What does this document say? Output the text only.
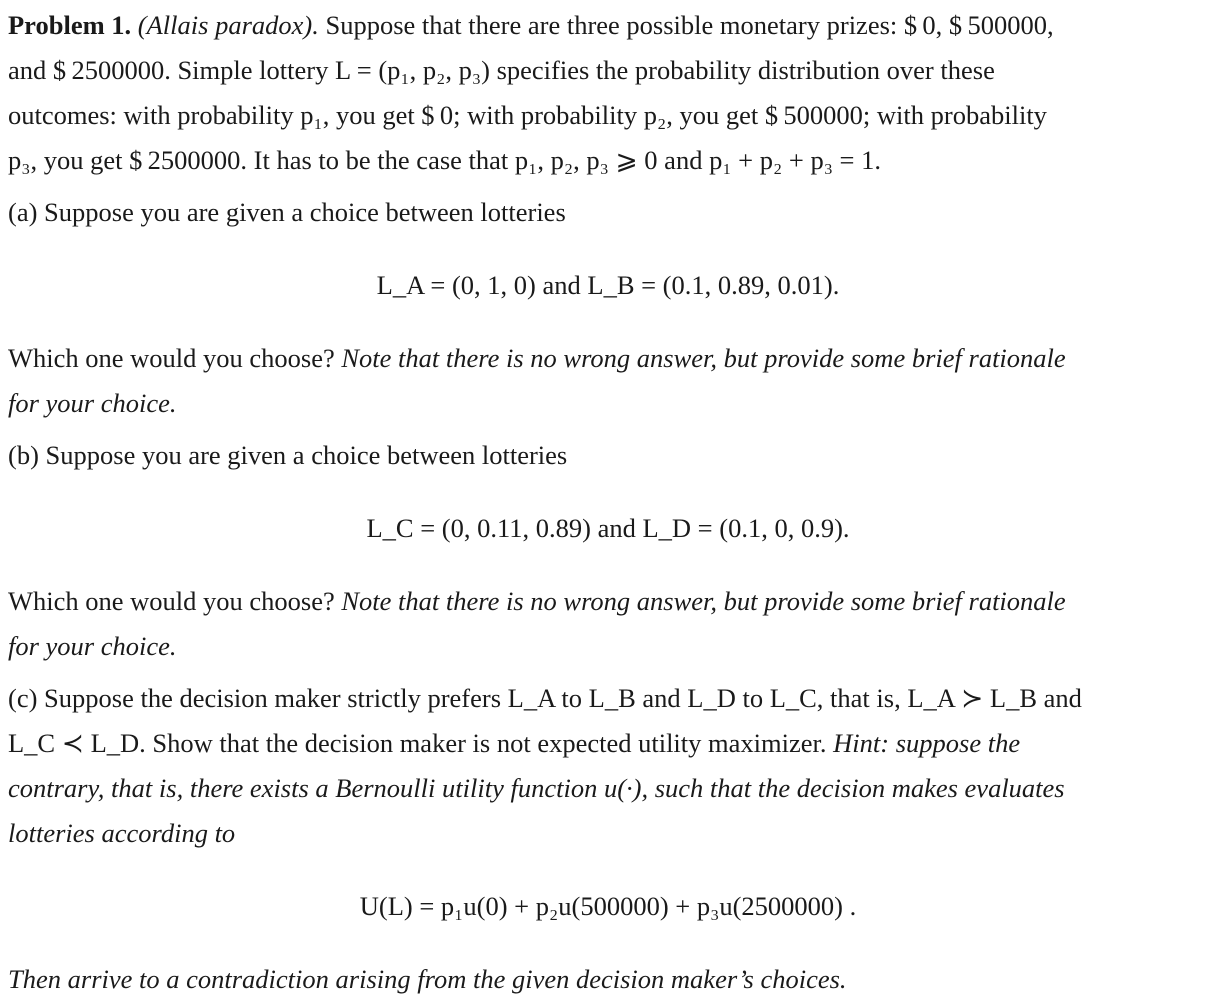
Problem 1. (Allais paradox). Suppose that there are three possible monetary prizes: $ 0, $ 500000,

and $ 2500000. Simple lottery L = (p₁, p₂, p₃) specifies the probability distribution over these

outcomes: with probability p₁, you get $ 0; with probability p₂, you get $ 500000; with probability

p₃, you get $ 2500000. It has to be the case that p₁, p₂, p₃ ⩾ 0 and p₁ + p₂ + p₃ = 1.

(a) Suppose you are given a choice between lotteries

L_A = (0, 1, 0) and L_B = (0.1, 0.89, 0.01).

Which one would you choose? Note that there is no wrong answer, but provide some brief rationale

for your choice.

(b) Suppose you are given a choice between lotteries

L_C = (0, 0.11, 0.89) and L_D = (0.1, 0, 0.9).

Which one would you choose? Note that there is no wrong answer, but provide some brief rationale

for your choice.

(c) Suppose the decision maker strictly prefers L_A to L_B and L_D to L_C, that is, L_A ≻ L_B and

L_C ≺ L_D. Show that the decision maker is not expected utility maximizer. Hint: suppose the

contrary, that is, there exists a Bernoulli utility function u(·), such that the decision makes evaluates

lotteries according to

U(L) = p₁u(0) + p₂u(500000) + p₃u(2500000) .

Then arrive to a contradiction arising from the given decision maker’s choices.
